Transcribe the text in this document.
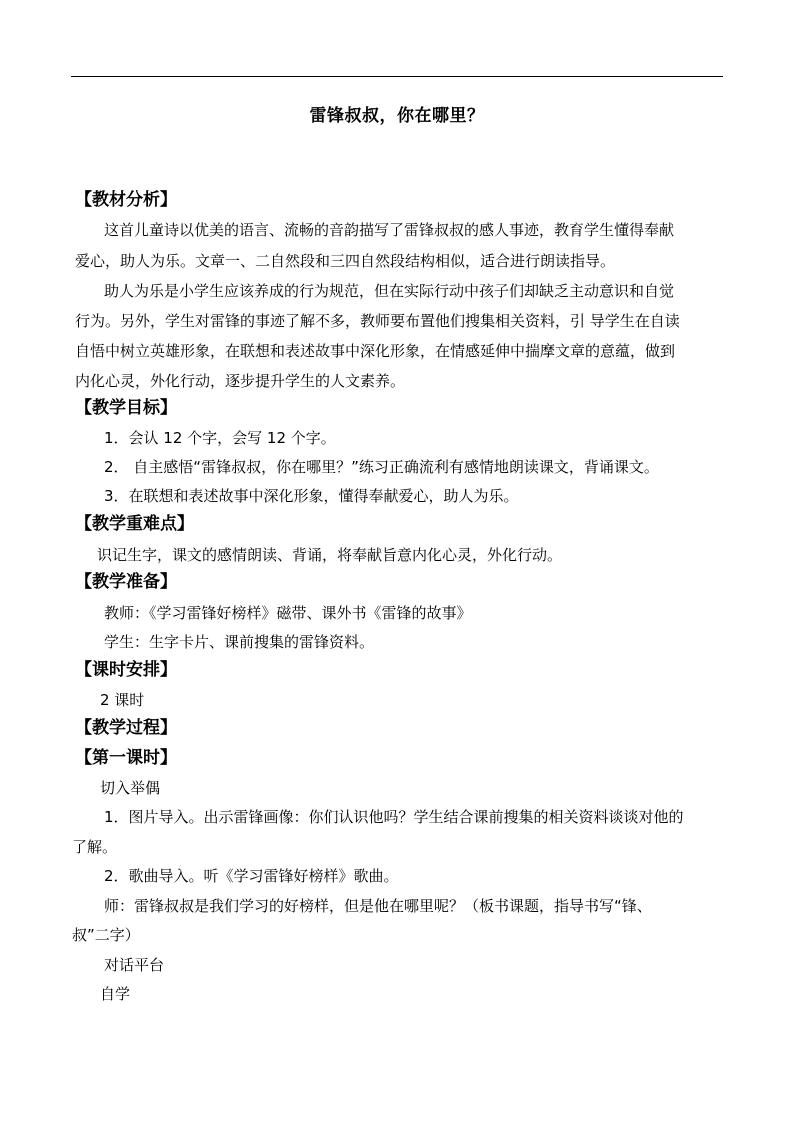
雷锋叔叔，你在哪里？
【教材分析】
这首儿童诗以优美的语言、流畅的音韵描写了雷锋叔叔的感人事迹，教育学生懂得奉献
爱心，助人为乐。文章一、二自然段和三四自然段结构相似，适合进行朗读指导。
助人为乐是小学生应该养成的行为规范，但在实际行动中孩子们却缺乏主动意识和自觉
行为。另外，学生对雷锋的事迹了解不多，教师要布置他们搜集相关资料，引 导学生在自读
自悟中树立英雄形象，在联想和表述故事中深化形象，在情感延伸中揣摩文章的意蕴，做到
内化心灵，外化行动，逐步提升学生的人文素养。
【教学目标】
1．会认 12 个字，会写 12 个字。
2． 自主感悟“雷锋叔叔，你在哪里？”练习正确流利有感情地朗读课文，背诵课文。
3．在联想和表述故事中深化形象，懂得奉献爱心，助人为乐。
【教学重难点】
识记生字，课文的感情朗读、背诵，将奉献旨意内化心灵，外化行动。
【教学准备】
教师：《学习雷锋好榜样》磁带、课外书《雷锋的故事》
学生：生字卡片、课前搜集的雷锋资料。
【课时安排】
2 课时
【教学过程】
【第一课时】
切入举偶
1．图片导入。出示雷锋画像：你们认识他吗？学生结合课前搜集的相关资料谈谈对他的
了解。
2．歌曲导入。听《学习雷锋好榜样》歌曲。
师：雷锋叔叔是我们学习的好榜样，但是他在哪里呢？（板书课题，指导书写“锋、
叔”二字）
对话平台
自学
